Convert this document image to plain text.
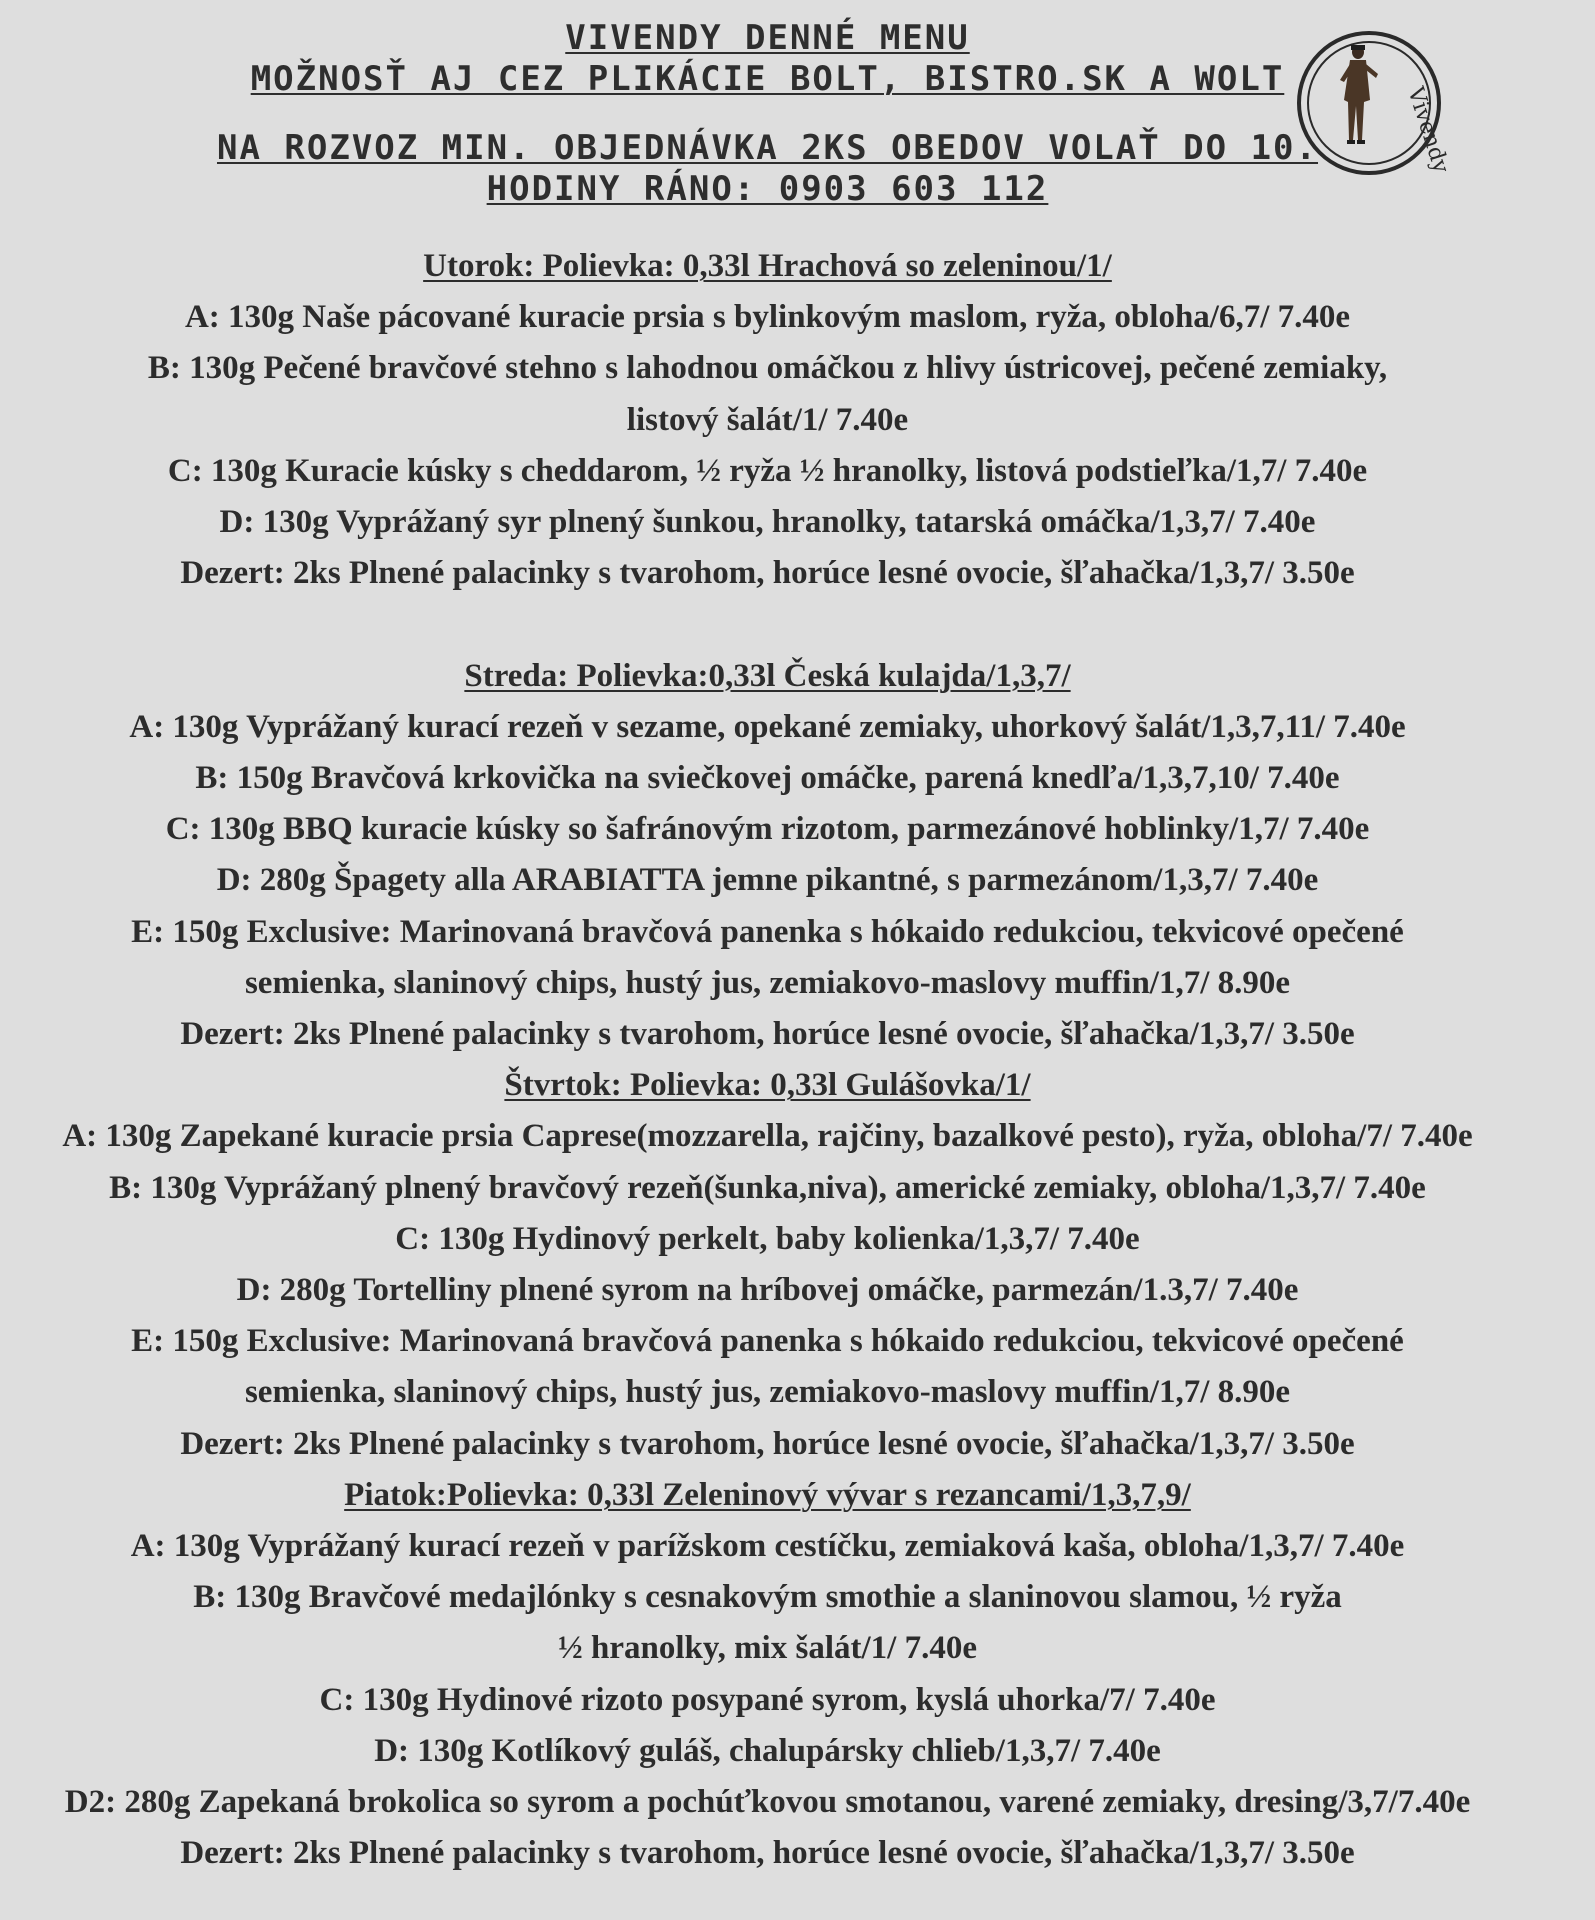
VIVENDY DENNÉ MENU
MOŽNOSŤ AJ CEZ PLIKÁCIE BOLT, BISTRO.SK A WOLT
NA ROZVOZ MIN. OBJEDNÁVKA 2KS OBEDOV VOLAŤ DO 10.
HODINY RÁNO: 0903 603 112
Vivendy
Utorok: Polievka: 0,33l Hrachová so zeleninou/1/
A: 130g Naše pácované kuracie prsia s bylinkovým maslom, ryža, obloha/6,7/ 7.40e
B: 130g Pečené bravčové stehno s lahodnou omáčkou z hlivy ústricovej, pečené zemiaky,
listový šalát/1/ 7.40e
C: 130g Kuracie kúsky s cheddarom, ½ ryža ½ hranolky, listová podstieľka/1,7/ 7.40e
D: 130g Vyprážaný syr plnený šunkou, hranolky, tatarská omáčka/1,3,7/ 7.40e
Dezert: 2ks Plnené palacinky s tvarohom, horúce lesné ovocie, šľahačka/1,3,7/ 3.50e
Streda: Polievka:0,33l Česká kulajda/1,3,7/
A: 130g Vyprážaný kurací rezeň v sezame, opekané zemiaky, uhorkový šalát/1,3,7,11/ 7.40e
B: 150g Bravčová krkovička na sviečkovej omáčke, parená knedľa/1,3,7,10/ 7.40e
C: 130g BBQ kuracie kúsky so šafránovým rizotom, parmezánové hoblinky/1,7/ 7.40e
D: 280g Špagety alla ARABIATTA jemne pikantné, s parmezánom/1,3,7/ 7.40e
E: 150g Exclusive: Marinovaná bravčová panenka s hókaido redukciou, tekvicové opečené
semienka, slaninový chips, hustý jus, zemiakovo-maslovy muffin/1,7/ 8.90e
Dezert: 2ks Plnené palacinky s tvarohom, horúce lesné ovocie, šľahačka/1,3,7/ 3.50e
Štvrtok: Polievka: 0,33l Gulášovka/1/
A: 130g Zapekané kuracie prsia Caprese(mozzarella, rajčiny, bazalkové pesto), ryža, obloha/7/ 7.40e
B: 130g Vyprážaný plnený bravčový rezeň(šunka,niva), americké zemiaky, obloha/1,3,7/ 7.40e
C: 130g Hydinový perkelt, baby kolienka/1,3,7/ 7.40e
D: 280g Tortelliny plnené syrom na hríbovej omáčke, parmezán/1.3,7/ 7.40e
E: 150g Exclusive: Marinovaná bravčová panenka s hókaido redukciou, tekvicové opečené
semienka, slaninový chips, hustý jus, zemiakovo-maslovy muffin/1,7/ 8.90e
Dezert: 2ks Plnené palacinky s tvarohom, horúce lesné ovocie, šľahačka/1,3,7/ 3.50e
Piatok:Polievka: 0,33l Zeleninový vývar s rezancami/1,3,7,9/
A: 130g Vyprážaný kurací rezeň v parížskom cestíčku, zemiaková kaša, obloha/1,3,7/ 7.40e
B: 130g Bravčové medajlónky s cesnakovým smothie a slaninovou slamou, ½ ryža
½ hranolky, mix šalát/1/ 7.40e
C: 130g Hydinové rizoto posypané syrom, kyslá uhorka/7/ 7.40e
D: 130g Kotlíkový guláš, chalupársky chlieb/1,3,7/ 7.40e
D2: 280g Zapekaná brokolica so syrom a pochúťkovou smotanou, varené zemiaky, dresing/3,7/7.40e
Dezert: 2ks Plnené palacinky s tvarohom, horúce lesné ovocie, šľahačka/1,3,7/ 3.50e
